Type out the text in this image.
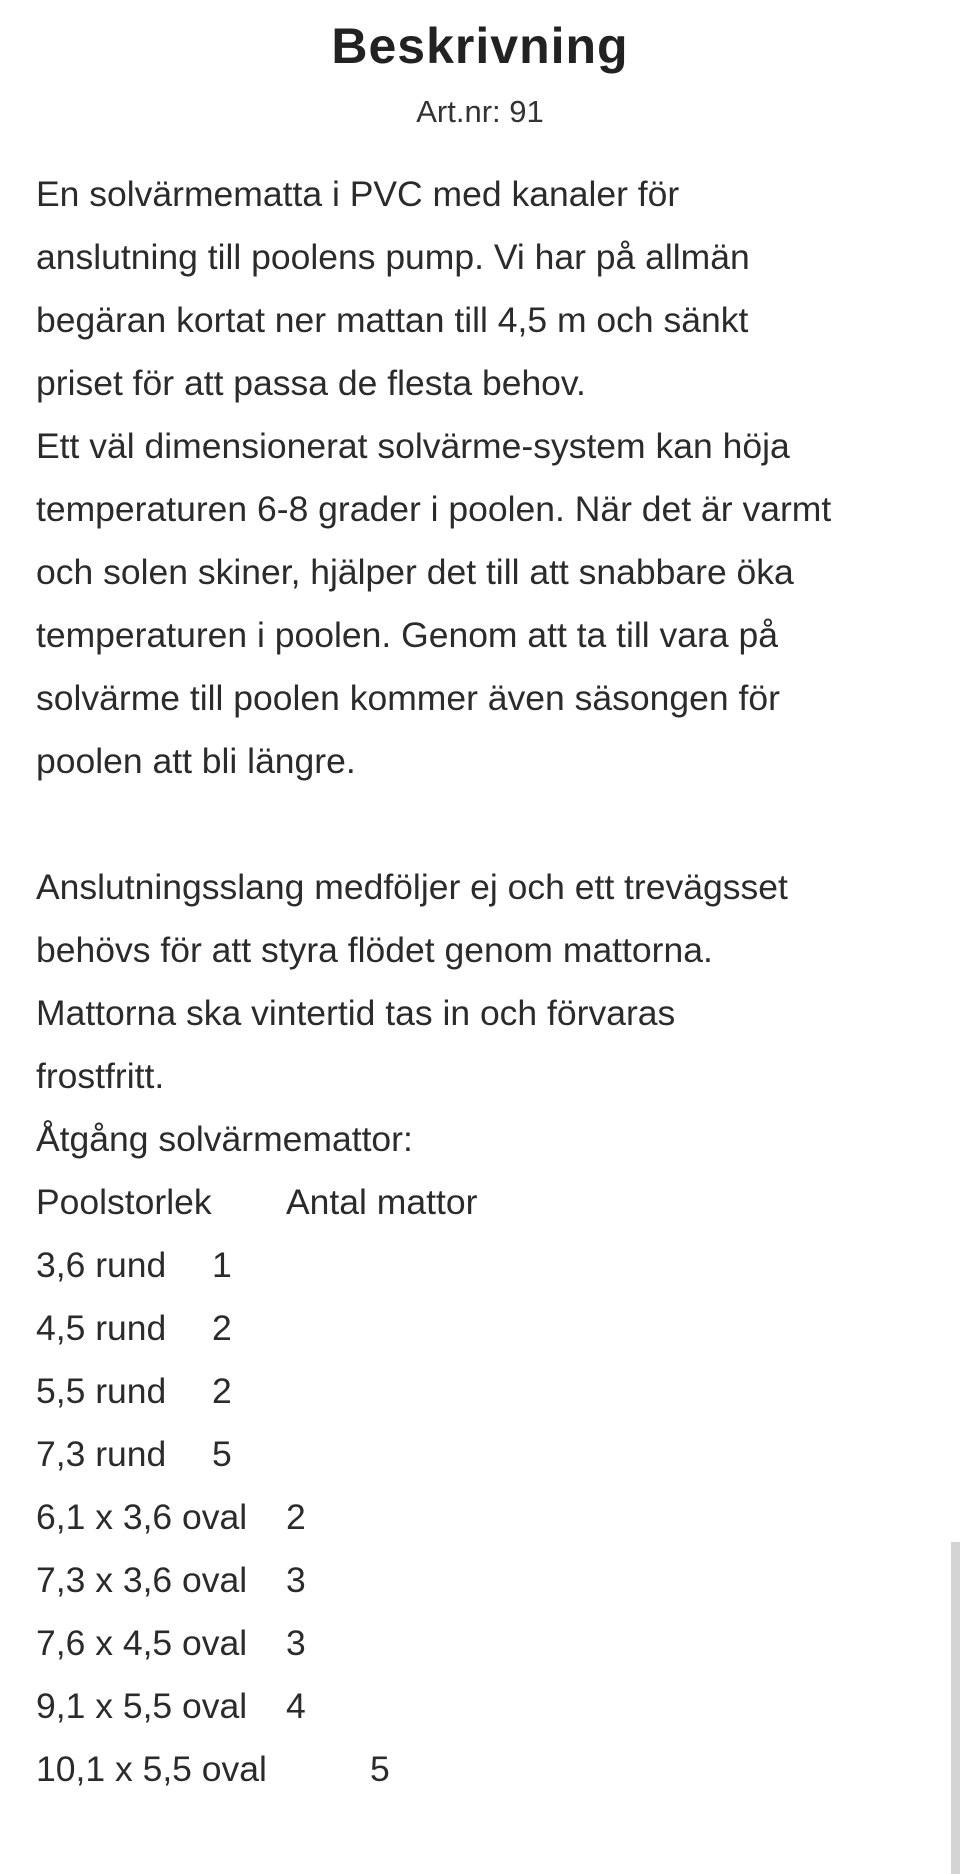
Beskrivning
Art.nr: 91
En solvärmematta i PVC med kanaler för
anslutning till poolens pump. Vi har på allmän
begäran kortat ner mattan till 4,5 m och sänkt
priset för att passa de flesta behov.
Ett väl dimensionerat solvärme-system kan höja
temperaturen 6-8 grader i poolen. När det är varmt
och solen skiner, hjälper det till att snabbare öka
temperaturen i poolen. Genom att ta till vara på
solvärme till poolen kommer även säsongen för
poolen att bli längre.
Anslutningsslang medföljer ej och ett trevägsset
behövs för att styra flödet genom mattorna.
Mattorna ska vintertid tas in och förvaras
frostfritt.
Åtgång solvärmemattor:
Poolstorlek Antal mattor
3,6 rund 1
4,5 rund 2
5,5 rund 2
7,3 rund 5
6,1 x 3,6 oval 2
7,3 x 3,6 oval 3
7,6 x 4,5 oval 3
9,1 x 5,5 oval 4
10,1 x 5,5 oval	5
